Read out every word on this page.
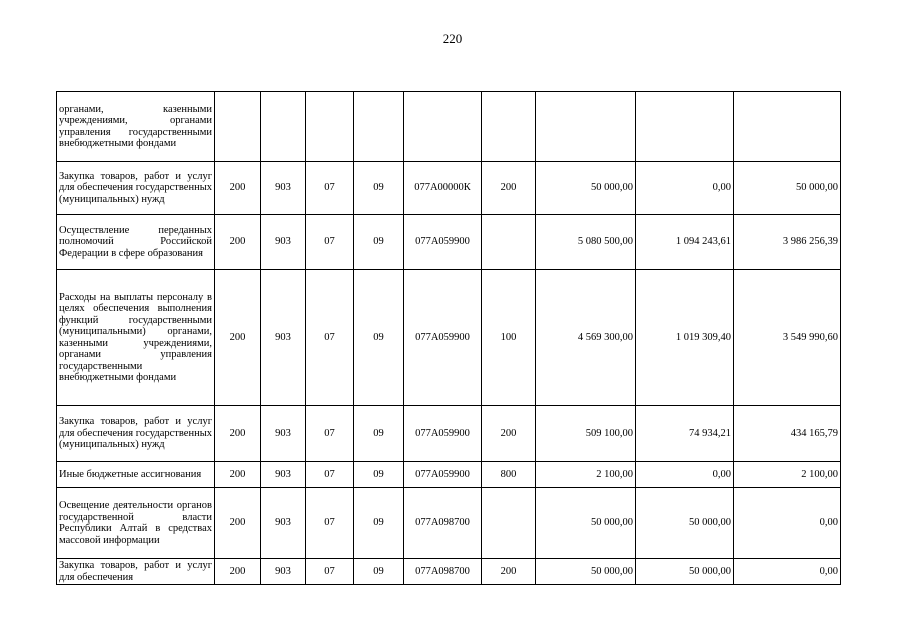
220
органами, казенными учреждениями, органами управления государственными внебюджетными фондами									
Закупка товаров, работ и услуг для обеспечения государственных (муниципальных) нужд	200	903	07	09	077А00000К	200	50 000,00	0,00	50 000,00
Осуществление переданных полномочий Российской Федерации в сфере образования	200	903	07	09	077А059900		5 080 500,00	1 094 243,61	3 986 256,39
Расходы на выплаты персоналу в целях обеспечения выполнения функций государственными (муниципальными) органами, казенными учреждениями, органами управления государственными внебюджетными фондами	200	903	07	09	077А059900	100	4 569 300,00	1 019 309,40	3 549 990,60
Закупка товаров, работ и услуг для обеспечения государственных (муниципальных) нужд	200	903	07	09	077А059900	200	509 100,00	74 934,21	434 165,79
Иные бюджетные ассигнования	200	903	07	09	077А059900	800	2 100,00	0,00	2 100,00
Освещение деятельности органов государственной власти Республики Алтай в средствах массовой информации	200	903	07	09	077А098700		50 000,00	50 000,00	0,00
Закупка товаров, работ и услуг для обеспечения	200	903	07	09	077А098700	200	50 000,00	50 000,00	0,00
